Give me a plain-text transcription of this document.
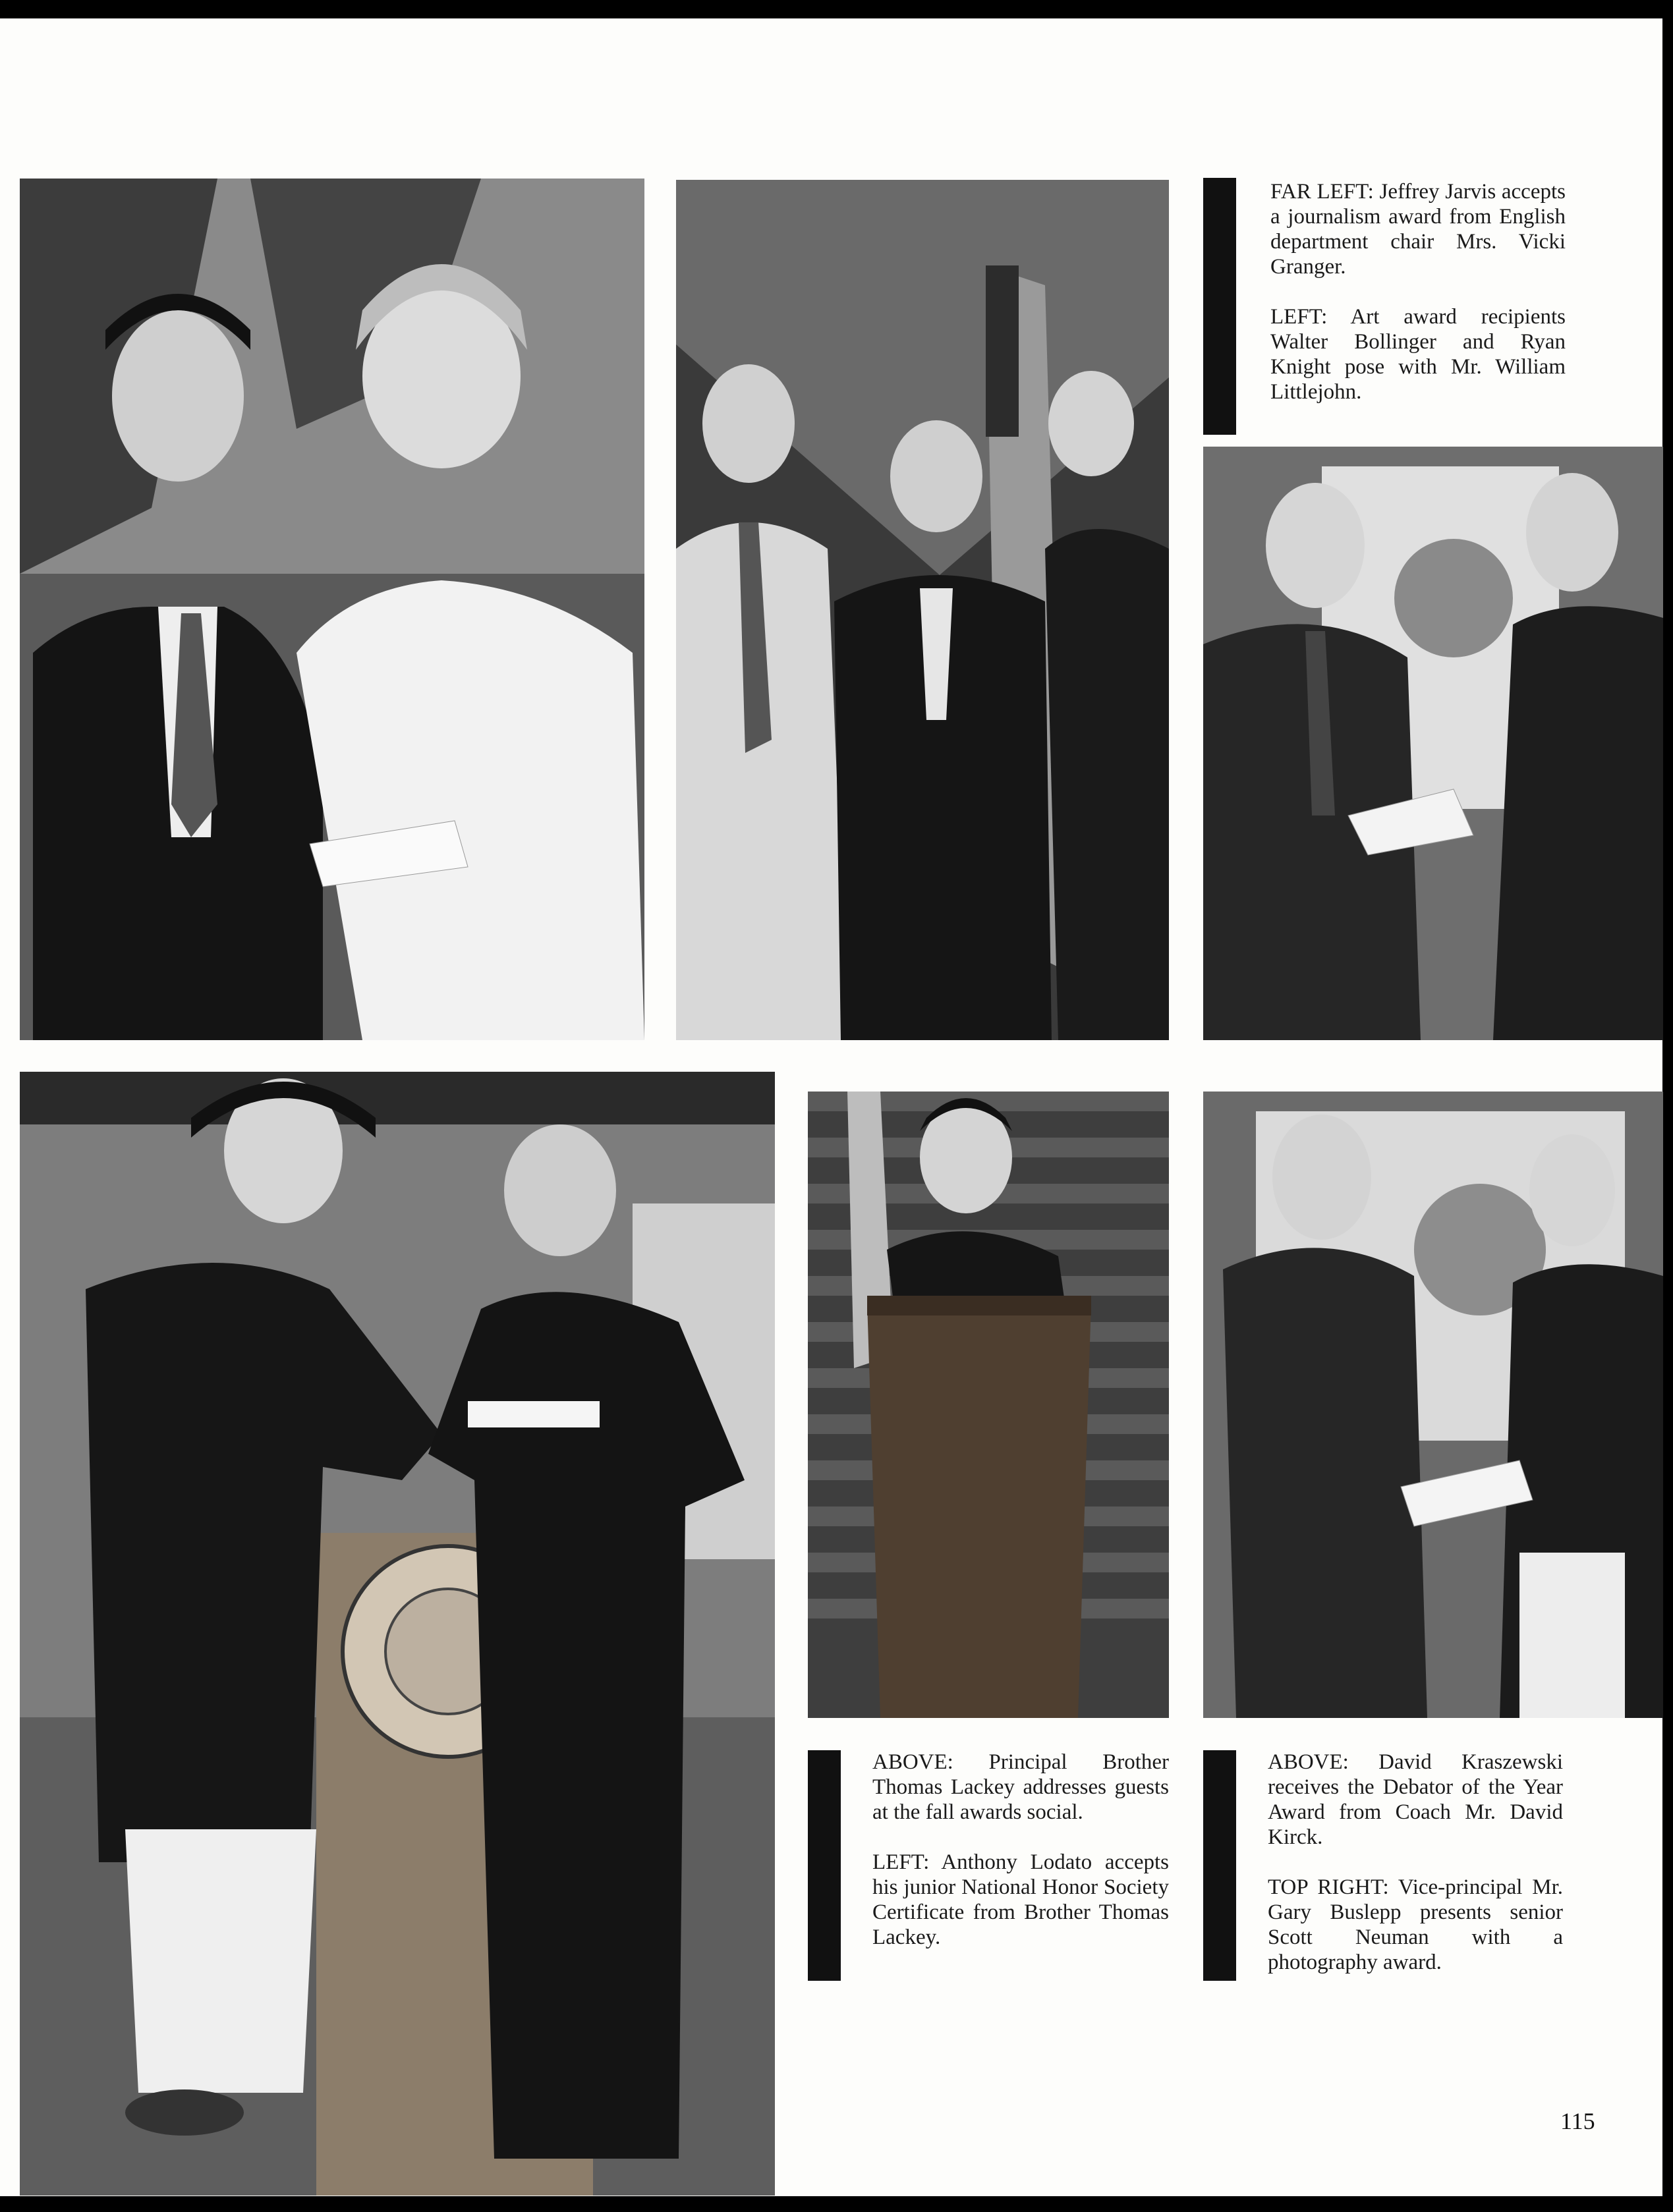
FAR LEFT: Jeffrey Jarvis accepts a journalism award from English department chair Mrs. Vicki Granger.

LEFT: Art award recipients Walter Bollinger and Ryan Knight pose with Mr. William Littlejohn.

ABOVE: Principal Brother Thomas Lackey addresses guests at the fall awards social.

LEFT: Anthony Lodato accepts his junior National Honor Society Certificate from Brother Thomas Lackey.

ABOVE: David Kraszewski receives the Debator of the Year Award from Coach Mr. David Kirck.

TOP RIGHT: Vice-principal Mr. Gary Buslepp presents senior Scott Neuman with a photography award.

115
